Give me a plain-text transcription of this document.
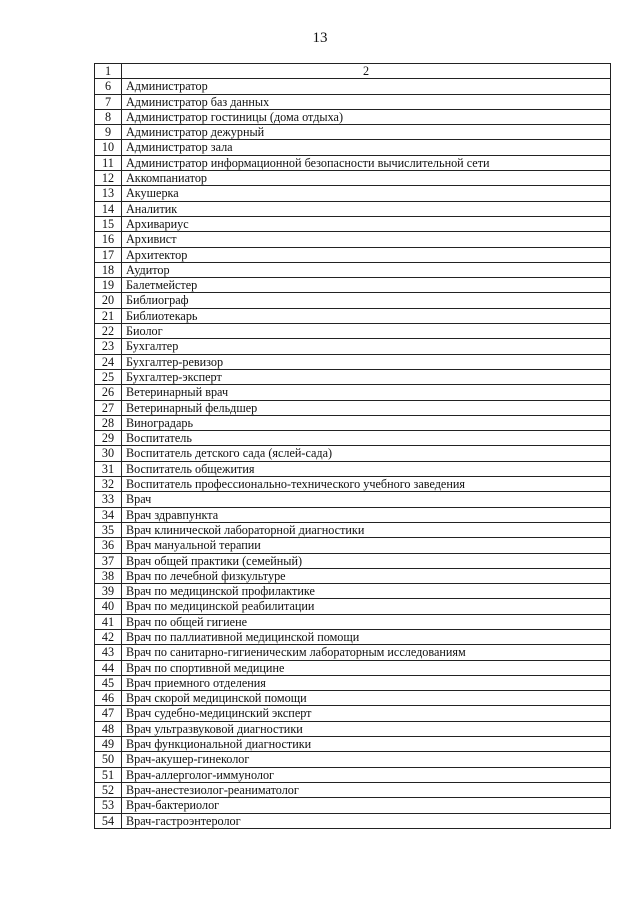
13
1	2
6	Администратор
7	Администратор баз данных
8	Администратор гостиницы (дома отдыха)
9	Администратор дежурный
10	Администратор зала
11	Администратор информационной безопасности вычислительной сети
12	Аккомпаниатор
13	Акушерка
14	Аналитик
15	Архивариус
16	Архивист
17	Архитектор
18	Аудитор
19	Балетмейстер
20	Библиограф
21	Библиотекарь
22	Биолог
23	Бухгалтер
24	Бухгалтер-ревизор
25	Бухгалтер-эксперт
26	Ветеринарный врач
27	Ветеринарный фельдшер
28	Виноградарь
29	Воспитатель
30	Воспитатель детского сада (яслей-сада)
31	Воспитатель общежития
32	Воспитатель профессионально-технического учебного заведения
33	Врач
34	Врач здравпункта
35	Врач клинической лабораторной диагностики
36	Врач мануальной терапии
37	Врач общей практики (семейный)
38	Врач по лечебной физкультуре
39	Врач по медицинской профилактике
40	Врач по медицинской реабилитации
41	Врач по общей гигиене
42	Врач по паллиативной медицинской помощи
43	Врач по санитарно-гигиеническим лабораторным исследованиям
44	Врач по спортивной медицине
45	Врач приемного отделения
46	Врач скорой медицинской помощи
47	Врач судебно-медицинский эксперт
48	Врач ультразвуковой диагностики
49	Врач функциональной диагностики
50	Врач-акушер-гинеколог
51	Врач-аллерголог-иммунолог
52	Врач-анестезиолог-реаниматолог
53	Врач-бактериолог
54	Врач-гастроэнтеролог
